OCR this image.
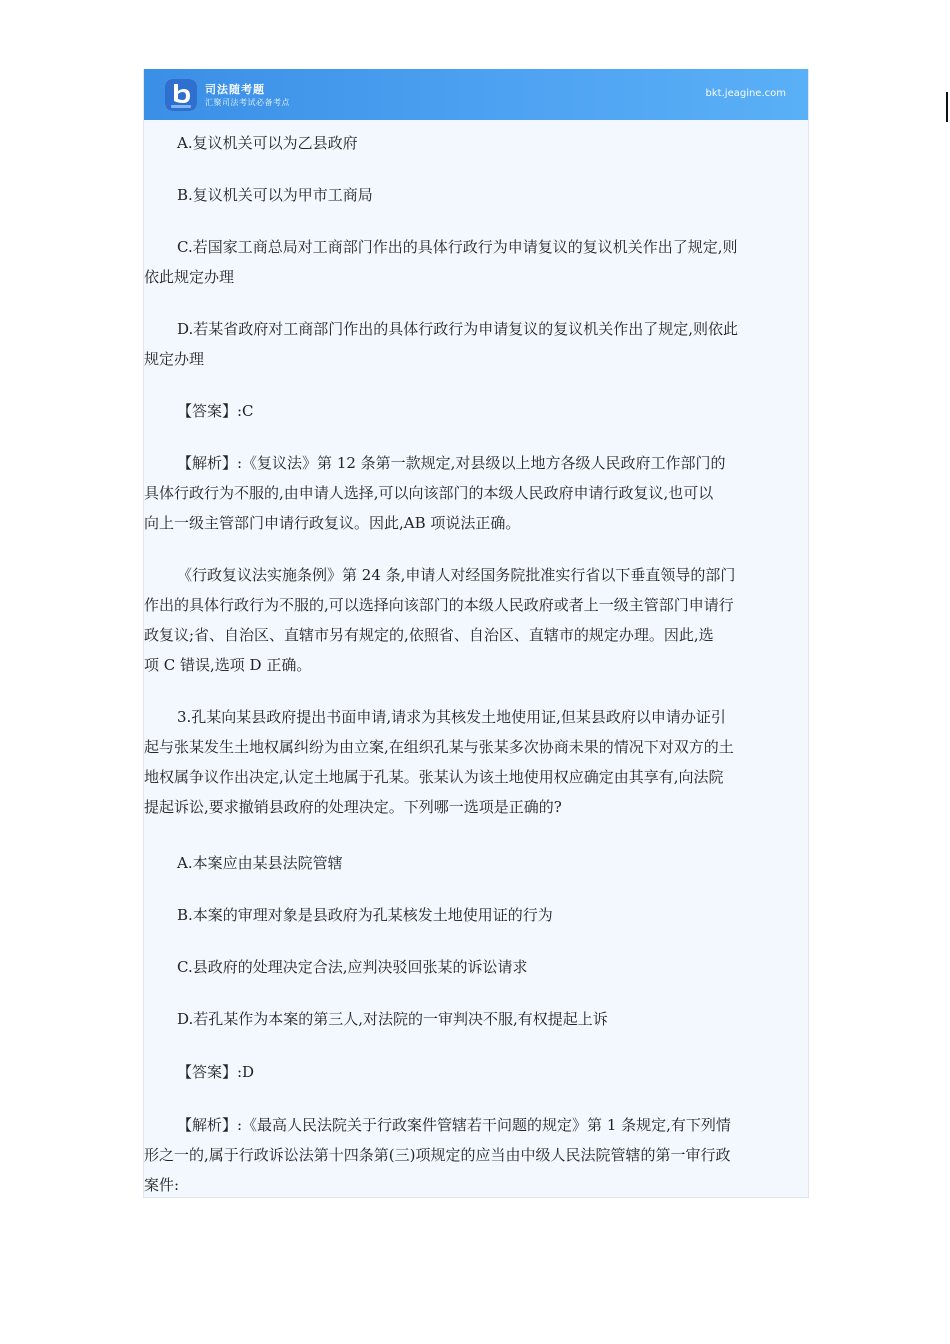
司法随考题
汇聚司法考试必备考点
bkt.jeagine.com
A.复议机关可以为乙县政府
B.复议机关可以为甲市工商局
C.若国家工商总局对工商部门作出的具体行政行为申请复议的复议机关作出了规定,则
依此规定办理
D.若某省政府对工商部门作出的具体行政行为申请复议的复议机关作出了规定,则依此
规定办理
【答案】:C
【解析】:《复议法》第 12 条第一款规定,对县级以上地方各级人民政府工作部门的
具体行政行为不服的,由申请人选择,可以向该部门的本级人民政府申请行政复议,也可以
向上一级主管部门申请行政复议。因此,AB 项说法正确。
《行政复议法实施条例》第 24 条,申请人对经国务院批准实行省以下垂直领导的部门
作出的具体行政行为不服的,可以选择向该部门的本级人民政府或者上一级主管部门申请行
政复议;省、自治区、直辖市另有规定的,依照省、自治区、直辖市的规定办理。因此,选
项 C 错误,选项 D 正确。
3.孔某向某县政府提出书面申请,请求为其核发土地使用证,但某县政府以申请办证引
起与张某发生土地权属纠纷为由立案,在组织孔某与张某多次协商未果的情况下对双方的土
地权属争议作出决定,认定土地属于孔某。张某认为该土地使用权应确定由其享有,向法院
提起诉讼,要求撤销县政府的处理决定。下列哪一选项是正确的?
A.本案应由某县法院管辖
B.本案的审理对象是县政府为孔某核发土地使用证的行为
C.县政府的处理决定合法,应判决驳回张某的诉讼请求
D.若孔某作为本案的第三人,对法院的一审判决不服,有权提起上诉
【答案】:D
【解析】:《最高人民法院关于行政案件管辖若干问题的规定》第 1 条规定,有下列情
形之一的,属于行政诉讼法第十四条第(三)项规定的应当由中级人民法院管辖的第一审行政
案件:
